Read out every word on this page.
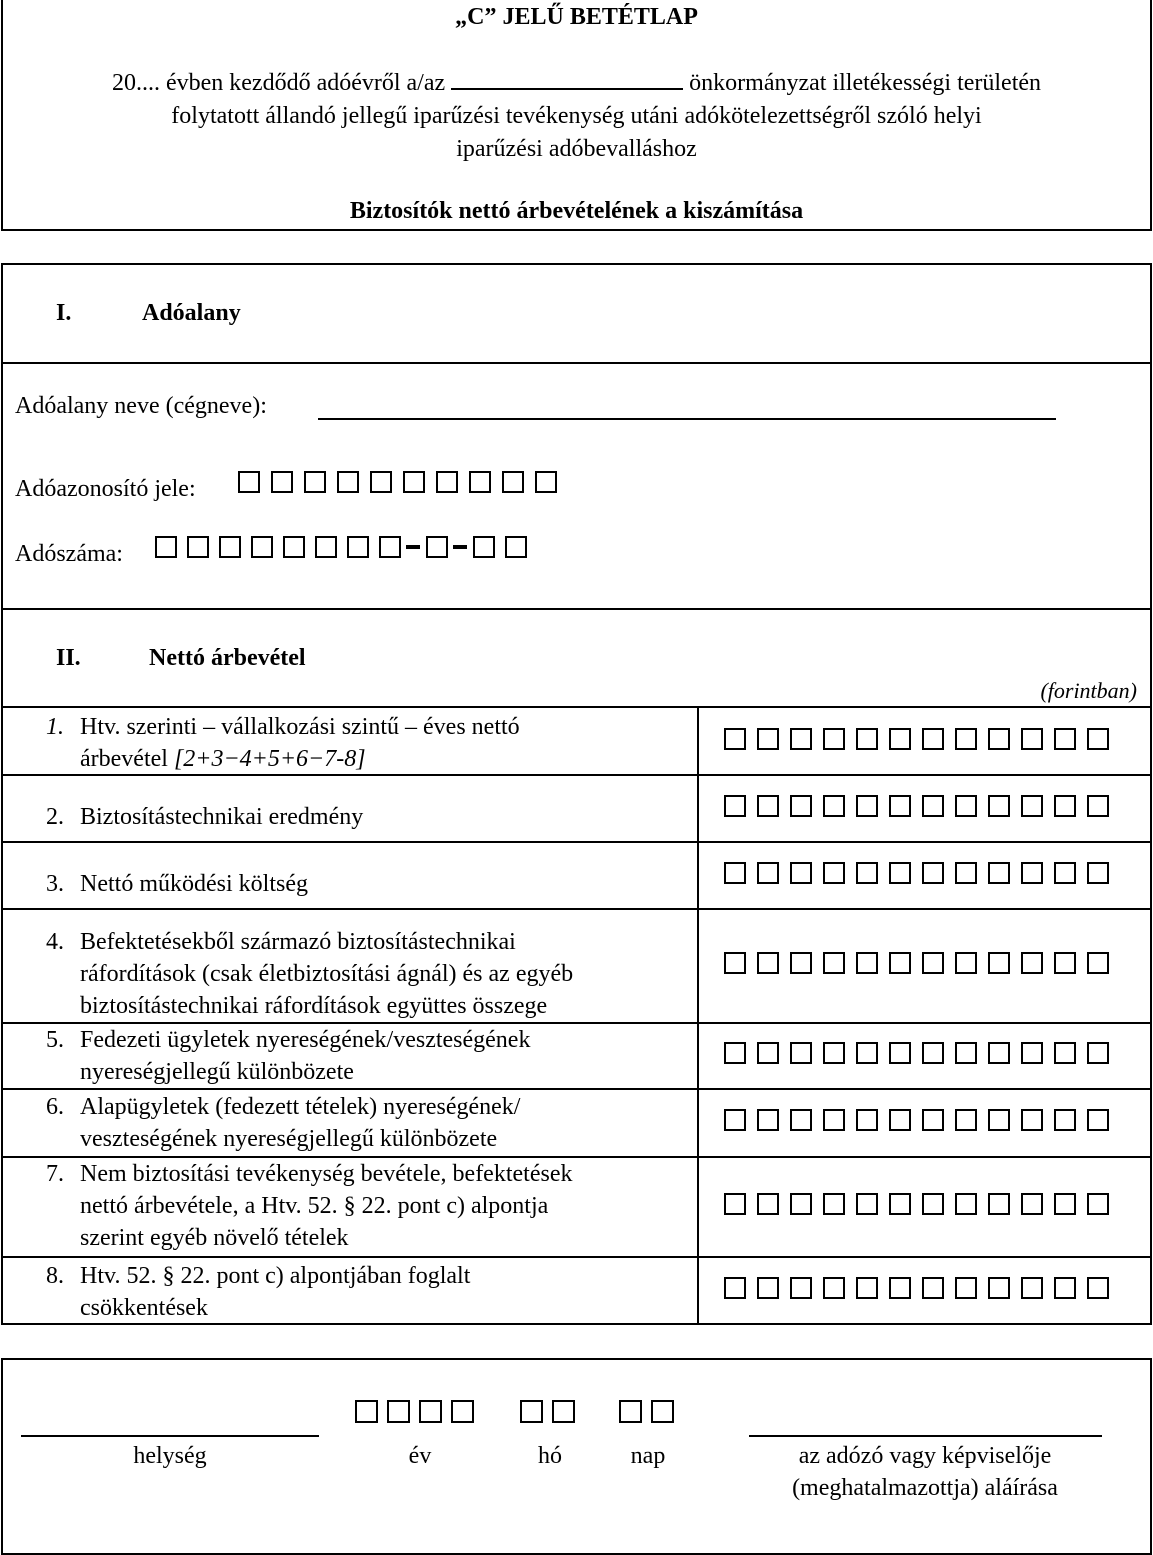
„C” JELŰ BETÉTLAP
20.... évben kezdődő adóévről a/az	önkormányzat illetékességi területén
folytatott állandó jellegű iparűzési tevékenység utáni adókötelezettségről szóló helyi
iparűzési adóbevalláshoz
Biztosítók nettó árbevételének a kiszámítása
I.	Adóalany
Adóalany neve (cégneve):
Adóazonosító jele:
Adószáma:
II.	Nettó árbevétel
(forintban)
1. Htv. szerinti – vállalkozási szintű – éves nettó
árbevétel [2+3−4+5+6−7-8]
2. Biztosítástechnikai eredmény
3. Nettó működési költség
4. Befektetésekből származó biztosítástechnikai
ráfordítások (csak életbiztosítási ágnál) és az egyéb
biztosítástechnikai ráfordítások együttes összege
5. Fedezeti ügyletek nyereségének/veszteségének
nyereségjellegű különbözete
6. Alapügyletek (fedezett tételek) nyereségének/
veszteségének nyereségjellegű különbözete
7. Nem biztosítási tevékenység bevétele, befektetések
nettó árbevétele, a Htv. 52. § 22. pont c) alpontja
szerint egyéb növelő tételek
8. Htv. 52. § 22. pont c) alpontjában foglalt
csökkentések
helység	év	hó	nap	az adózó vagy képviselője
(meghatalmazottja) aláírása
